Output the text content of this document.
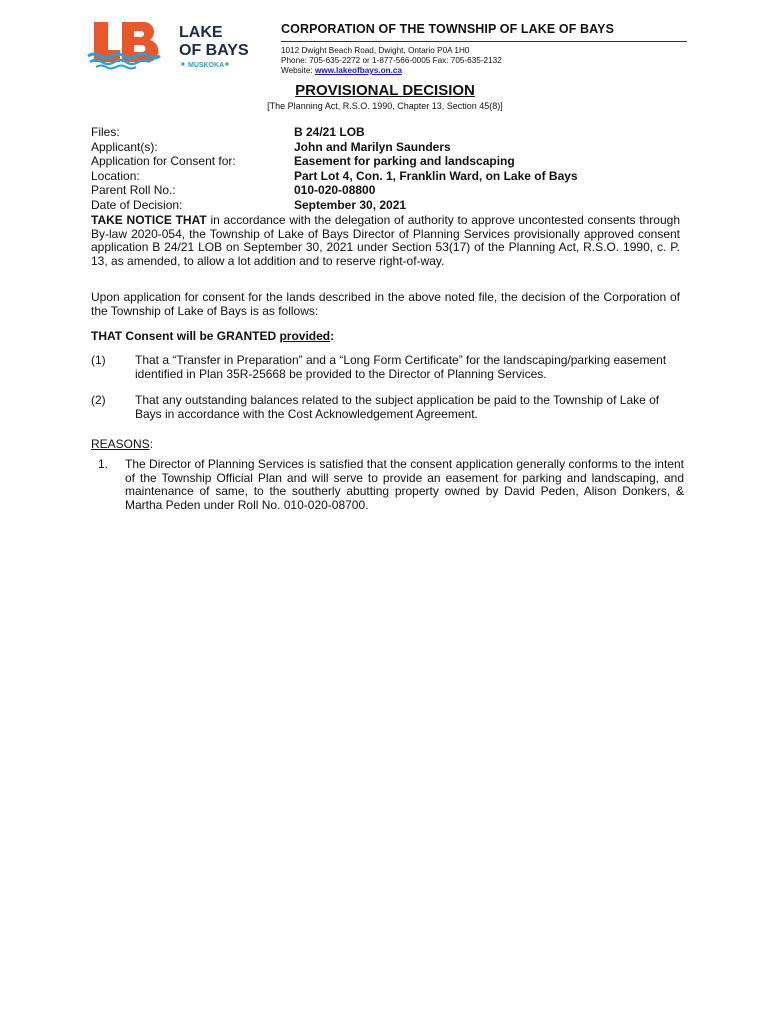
LAKE
OF BAYS
MUSKOKA
CORPORATION OF THE TOWNSHIP OF LAKE OF BAYS
1012 Dwight Beach Road, Dwight, Ontario P0A 1H0
Phone: 705-635-2272 or 1-877-566-0005 Fax: 705-635-2132
Website: www.lakeofbays.on.ca
PROVISIONAL DECISION
[The Planning Act, R.S.O. 1990, Chapter 13, Section 45(8)]
Files:	B 24/21 LOB
Applicant(s):	John and Marilyn Saunders
Application for Consent for:	Easement for parking and landscaping
Location:	Part Lot 4, Con. 1, Franklin Ward, on Lake of Bays
Parent Roll No.:	010-020-08800
Date of Decision:	September 30, 2021
TAKE NOTICE THAT in accordance with the delegation of authority to approve uncontested consents through By-law 2020-054, the Township of Lake of Bays Director of Planning Services provisionally approved consent application B 24/21 LOB on September 30, 2021 under Section 53(17) of the Planning Act, R.S.O. 1990, c. P. 13, as amended, to allow a lot addition and to reserve right-of-way.
Upon application for consent for the lands described in the above noted file, the decision of the Corporation of the Township of Lake of Bays is as follows:
THAT Consent will be GRANTED provided:
(1)	That a “Transfer in Preparation” and a “Long Form Certificate” for the landscaping/parking easement identified in Plan 35R-25668 be provided to the Director of Planning Services.
(2)	That any outstanding balances related to the subject application be paid to the Township of Lake of Bays in accordance with the Cost Acknowledgement Agreement.
REASONS:
1.	The Director of Planning Services is satisfied that the consent application generally conforms to the intent of the Township Official Plan and will serve to provide an easement for parking and landscaping, and maintenance of same, to the southerly abutting property owned by David Peden, Alison Donkers, & Martha Peden under Roll No. 010-020-08700.
